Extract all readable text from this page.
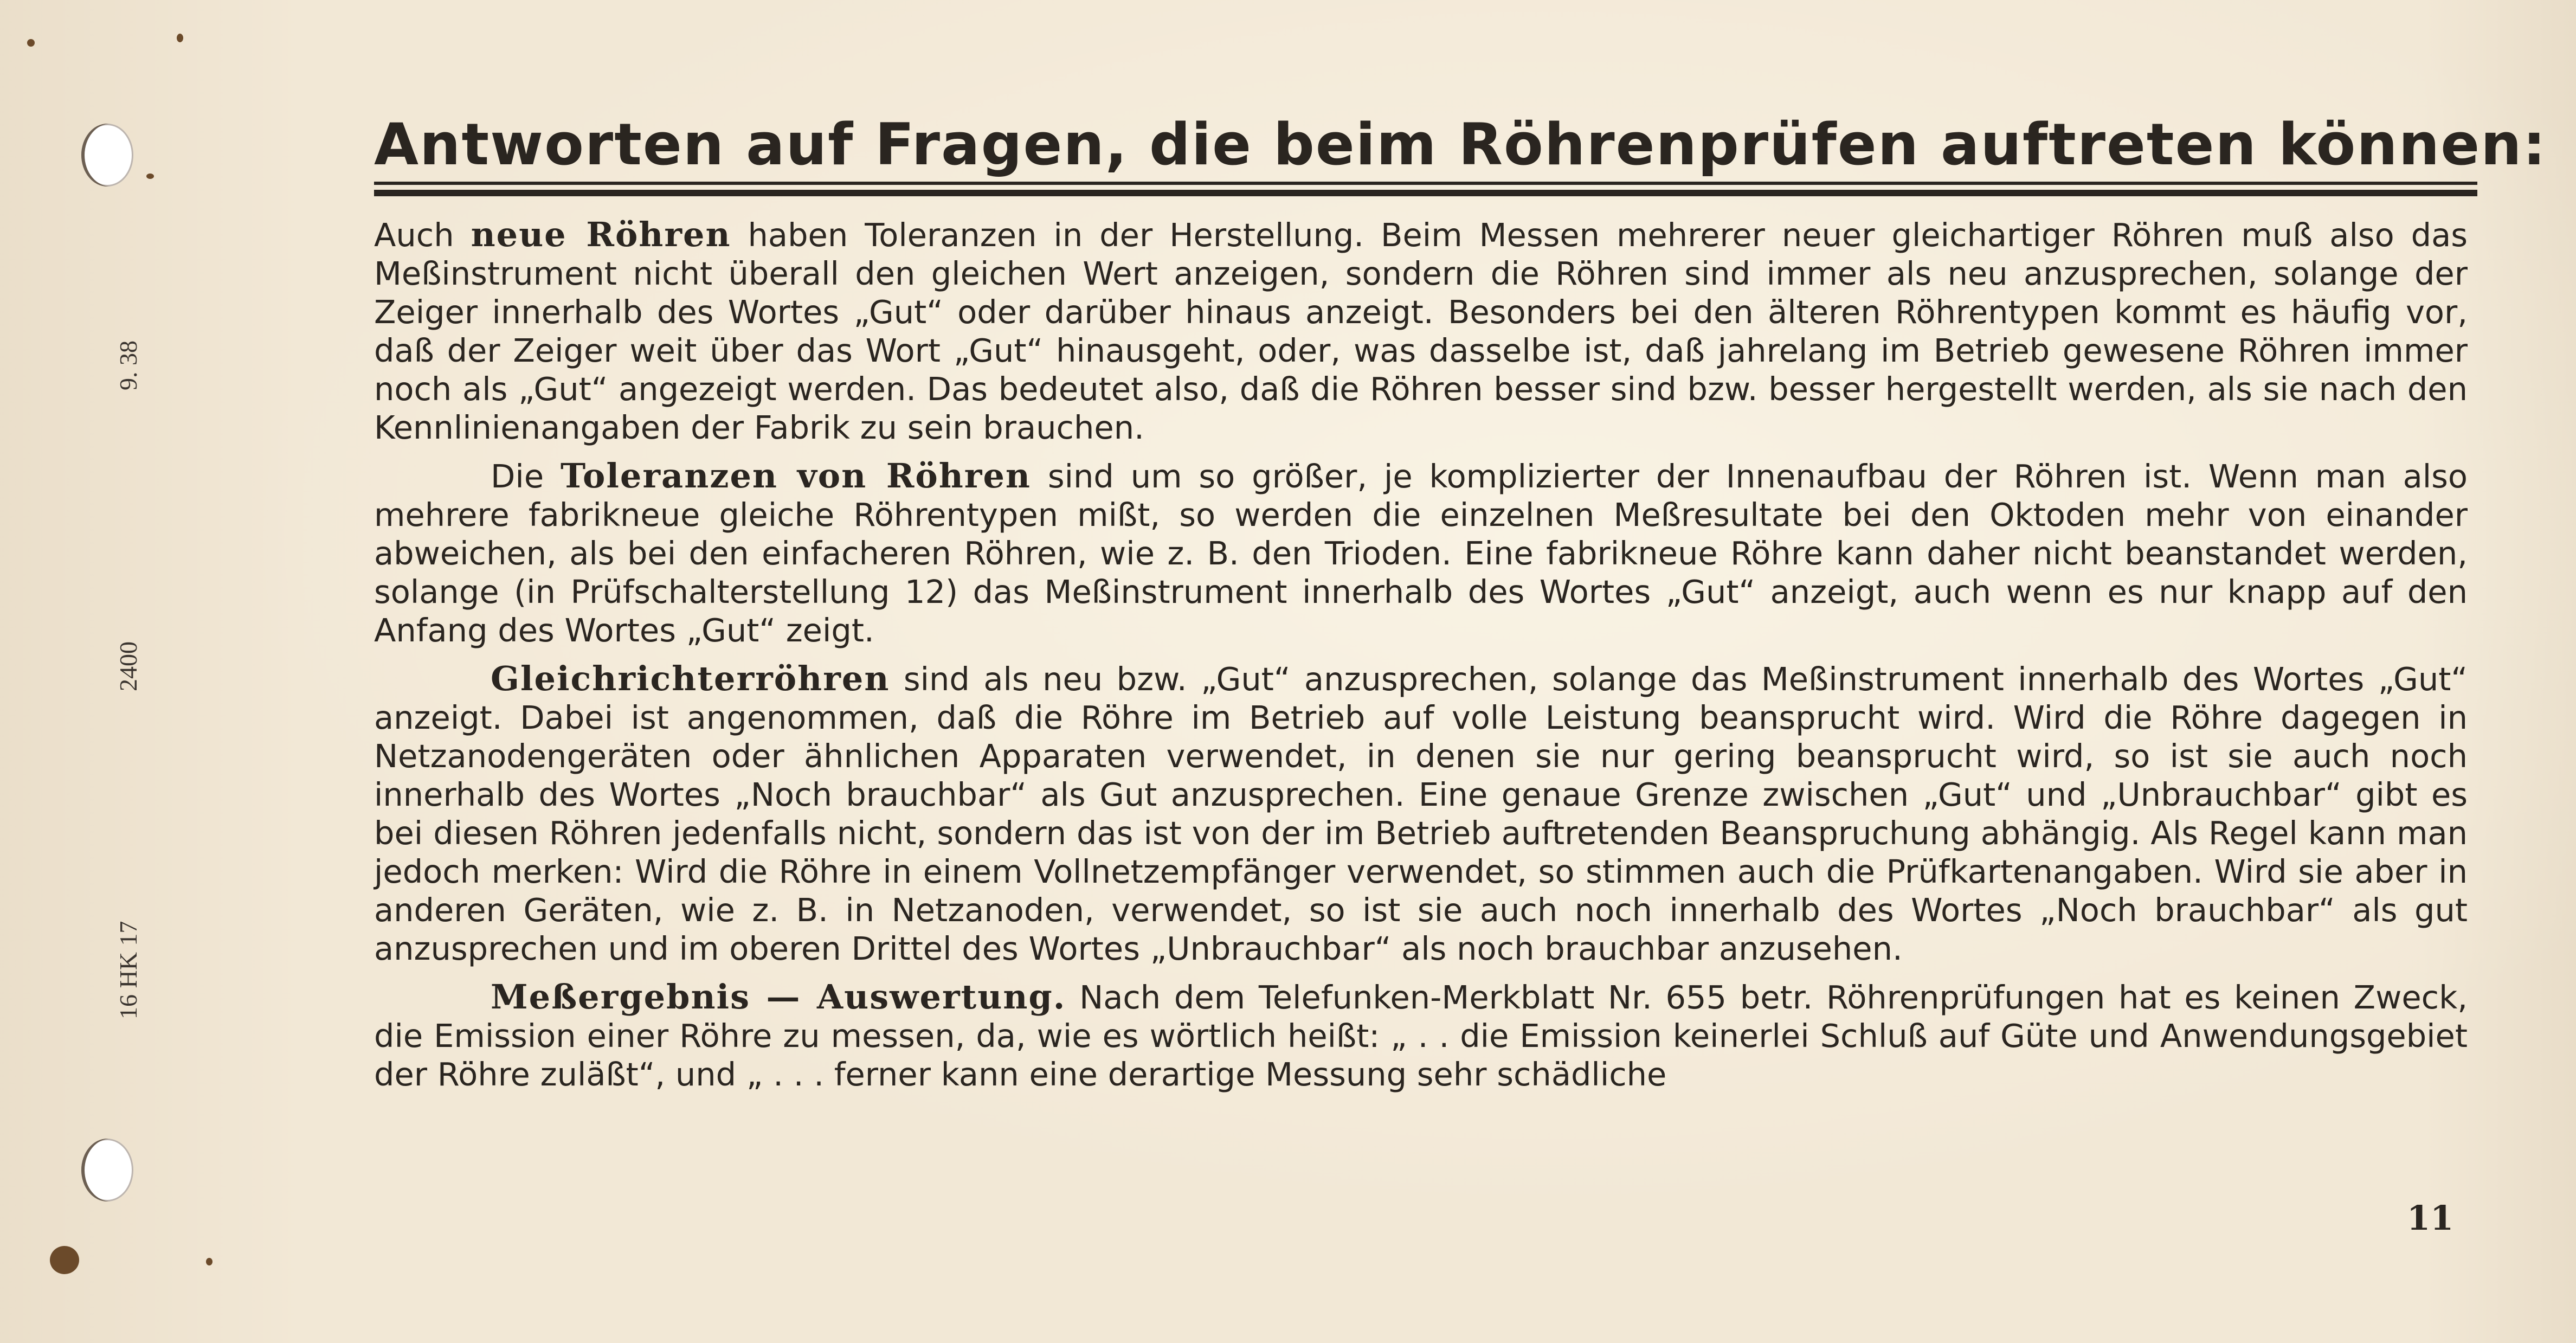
16 HK 17
2400
9. 38
Antworten auf Fragen, die beim Röhrenprüfen auftreten können:

Auch neue Röhren haben Toleranzen in der Herstellung. Beim Messen mehrerer neuer gleichartiger Röhren muß also das Meßinstrument nicht überall den gleichen Wert anzeigen, sondern die Röhren sind immer als neu anzusprechen, solange der Zeiger innerhalb des Wortes „Gut“ oder darüber hinaus anzeigt. Besonders bei den älteren Röhrentypen kommt es häufig vor, daß der Zeiger weit über das Wort „Gut“ hinausgeht, oder, was dasselbe ist, daß jahrelang im Betrieb gewesene Röhren immer noch als „Gut“ angezeigt werden. Das bedeutet also, daß die Röhren besser sind bzw. besser hergestellt werden, als sie nach den Kennlinienangaben der Fabrik zu sein brauchen.

Die Toleranzen von Röhren sind um so größer, je komplizierter der Innenaufbau der Röhren ist. Wenn man also mehrere fabrikneue gleiche Röhrentypen mißt, so werden die einzelnen Meßresultate bei den Oktoden mehr von einander abweichen, als bei den einfacheren Röhren, wie z. B. den Trioden. Eine fabrikneue Röhre kann daher nicht beanstandet werden, solange (in Prüfschalterstellung 12) das Meßinstrument innerhalb des Wortes „Gut“ anzeigt, auch wenn es nur knapp auf den Anfang des Wortes „Gut“ zeigt.

Gleichrichterröhren sind als neu bzw. „Gut“ anzusprechen, solange das Meßinstrument innerhalb des Wortes „Gut“ anzeigt. Dabei ist angenommen, daß die Röhre im Betrieb auf volle Leistung beansprucht wird. Wird die Röhre dagegen in Netzanodengeräten oder ähnlichen Apparaten verwendet, in denen sie nur gering beansprucht wird, so ist sie auch noch innerhalb des Wortes „Noch brauchbar“ als Gut anzusprechen. Eine genaue Grenze zwischen „Gut“ und „Unbrauchbar“ gibt es bei diesen Röhren jedenfalls nicht, sondern das ist von der im Betrieb auftretenden Beanspruchung abhängig. Als Regel kann man jedoch merken: Wird die Röhre in einem Vollnetzempfänger verwendet, so stimmen auch die Prüfkartenangaben. Wird sie aber in anderen Geräten, wie z. B. in Netzanoden, verwendet, so ist sie auch noch innerhalb des Wortes „Noch brauchbar“ als gut anzusprechen und im oberen Drittel des Wortes „Unbrauchbar“ als noch brauchbar anzusehen.

Meßergebnis — Auswertung. Nach dem Telefunken-Merkblatt Nr. 655 betr. Röhrenprüfungen hat es keinen Zweck, die Emission einer Röhre zu messen, da, wie es wörtlich heißt: „ . . die Emission keinerlei Schluß auf Güte und Anwendungsgebiet der Röhre zuläßt“, und „ . . . ferner kann eine derartige Messung sehr schädliche

11
